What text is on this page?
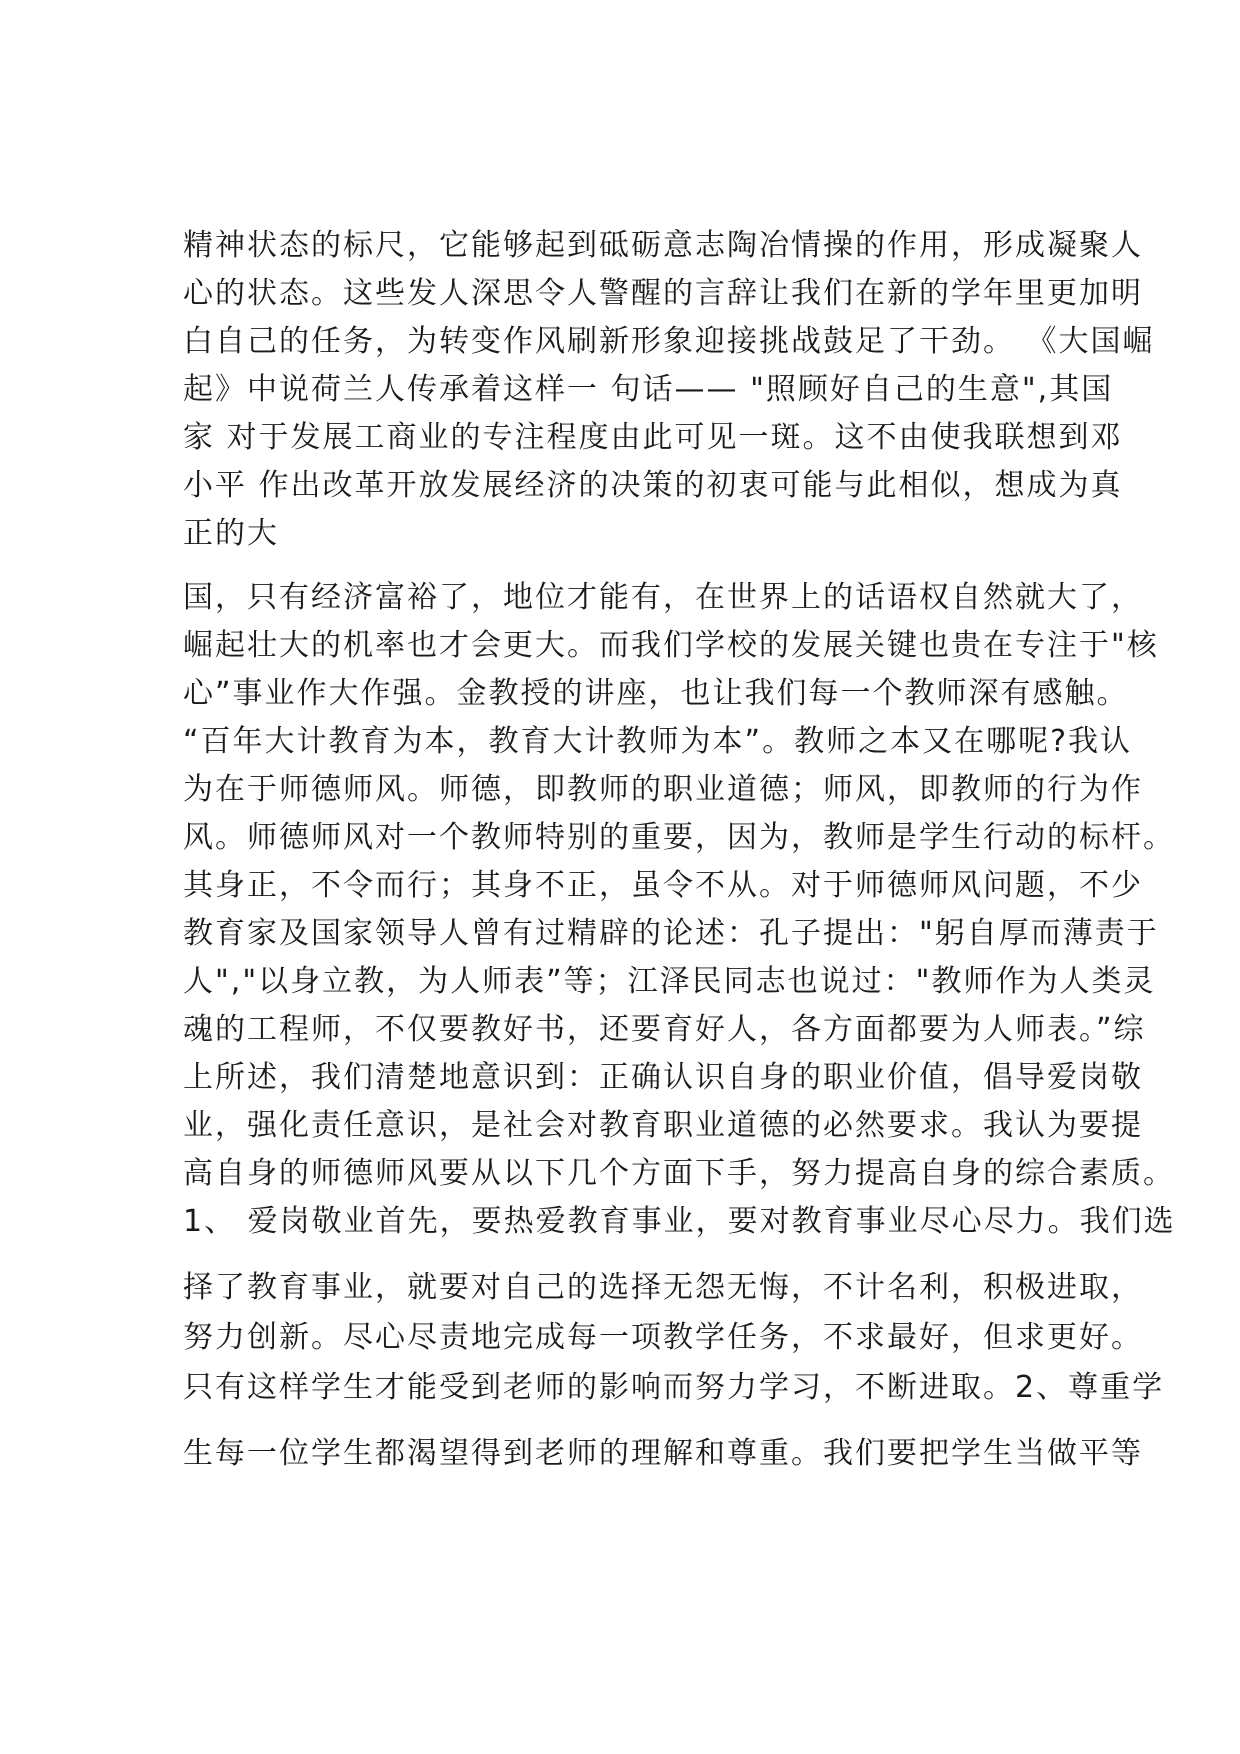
精神状态的标尺，它能够起到砥砺意志陶冶情操的作用，形成凝聚人
心的状态。这些发人深思令人警醒的言辞让我们在新的学年里更加明
白自己的任务，为转变作风刷新形象迎接挑战鼓足了干劲。 《大国崛
起》中说荷兰人传承着这样一 句话—— "照顾好自己的生意",其国
家 对于发展工商业的专注程度由此可见一斑。这不由使我联想到邓
小平 作出改革开放发展经济的决策的初衷可能与此相似，想成为真
正的大
国，只有经济富裕了，地位才能有，在世界上的话语权自然就大了，
崛起壮大的机率也才会更大。而我们学校的发展关键也贵在专注于"核
心”事业作大作强。金教授的讲座，也让我们每一个教师深有感触。
“百年大计教育为本，教育大计教师为本”。教师之本又在哪呢?我认
为在于师德师风。师德，即教师的职业道德；师风，即教师的行为作
风。师德师风对一个教师特别的重要，因为，教师是学生行动的标杆。
其身正，不令而行；其身不正，虽令不从。对于师德师风问题，不少
教育家及国家领导人曾有过精辟的论述：孔子提出："躬自厚而薄责于
人","以身立教，为人师表”等；江泽民同志也说过："教师作为人类灵
魂的工程师，不仅要教好书，还要育好人，各方面都要为人师表。”综
上所述，我们清楚地意识到：正确认识自身的职业价值，倡导爱岗敬
业，强化责任意识，是社会对教育职业道德的必然要求。我认为要提
高自身的师德师风要从以下几个方面下手，努力提高自身的综合素质。
1、 爱岗敬业首先，要热爱教育事业，要对教育事业尽心尽力。我们选
择了教育事业，就要对自己的选择无怨无悔，不计名利，积极进取，
努力创新。尽心尽责地完成每一项教学任务，不求最好，但求更好。
只有这样学生才能受到老师的影响而努力学习，不断进取。2、尊重学
生每一位学生都渴望得到老师的理解和尊重。我们要把学生当做平等
